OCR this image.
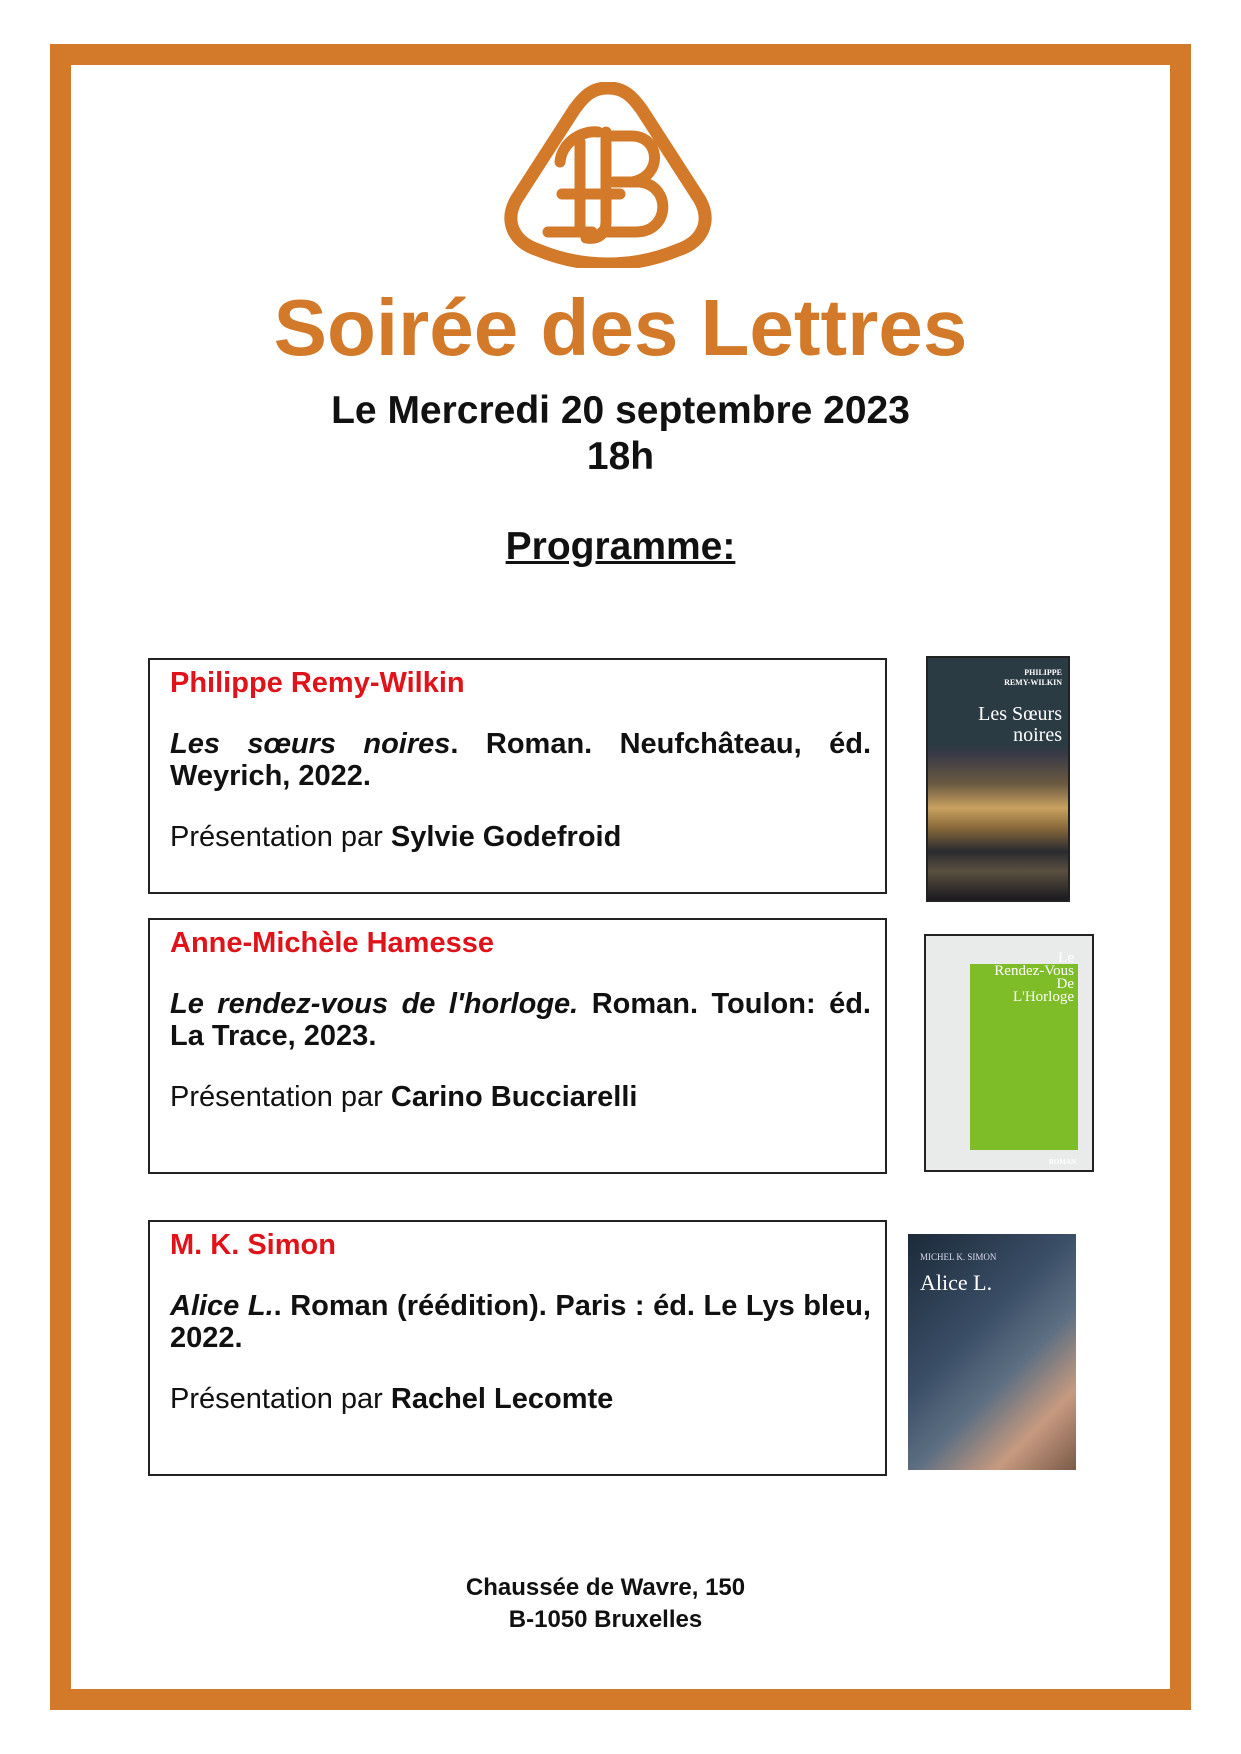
Soirée des Lettres
Le Mercredi 20 septembre 2023
18h
Programme:
Philippe Remy-Wilkin
Les sœurs noires. Roman. Neufchâteau, éd. Weyrich, 2022.
Présentation par Sylvie Godefroid
Anne-Michèle Hamesse
Le rendez-vous de l'horloge. Roman. Toulon: éd. La Trace, 2023.
Présentation par Carino Bucciarelli
M. K. Simon
Alice L.. Roman (réédition). Paris : éd. Le Lys bleu, 2022.
Présentation par Rachel Lecomte
PHILIPPE
REMY-WILKIN
Les Sœurs
noires
Le
Rendez-Vous
De
L'Horloge
ROMAN
MICHEL K. SIMON
Alice L.
Chaussée de Wavre, 150
B-1050 Bruxelles
